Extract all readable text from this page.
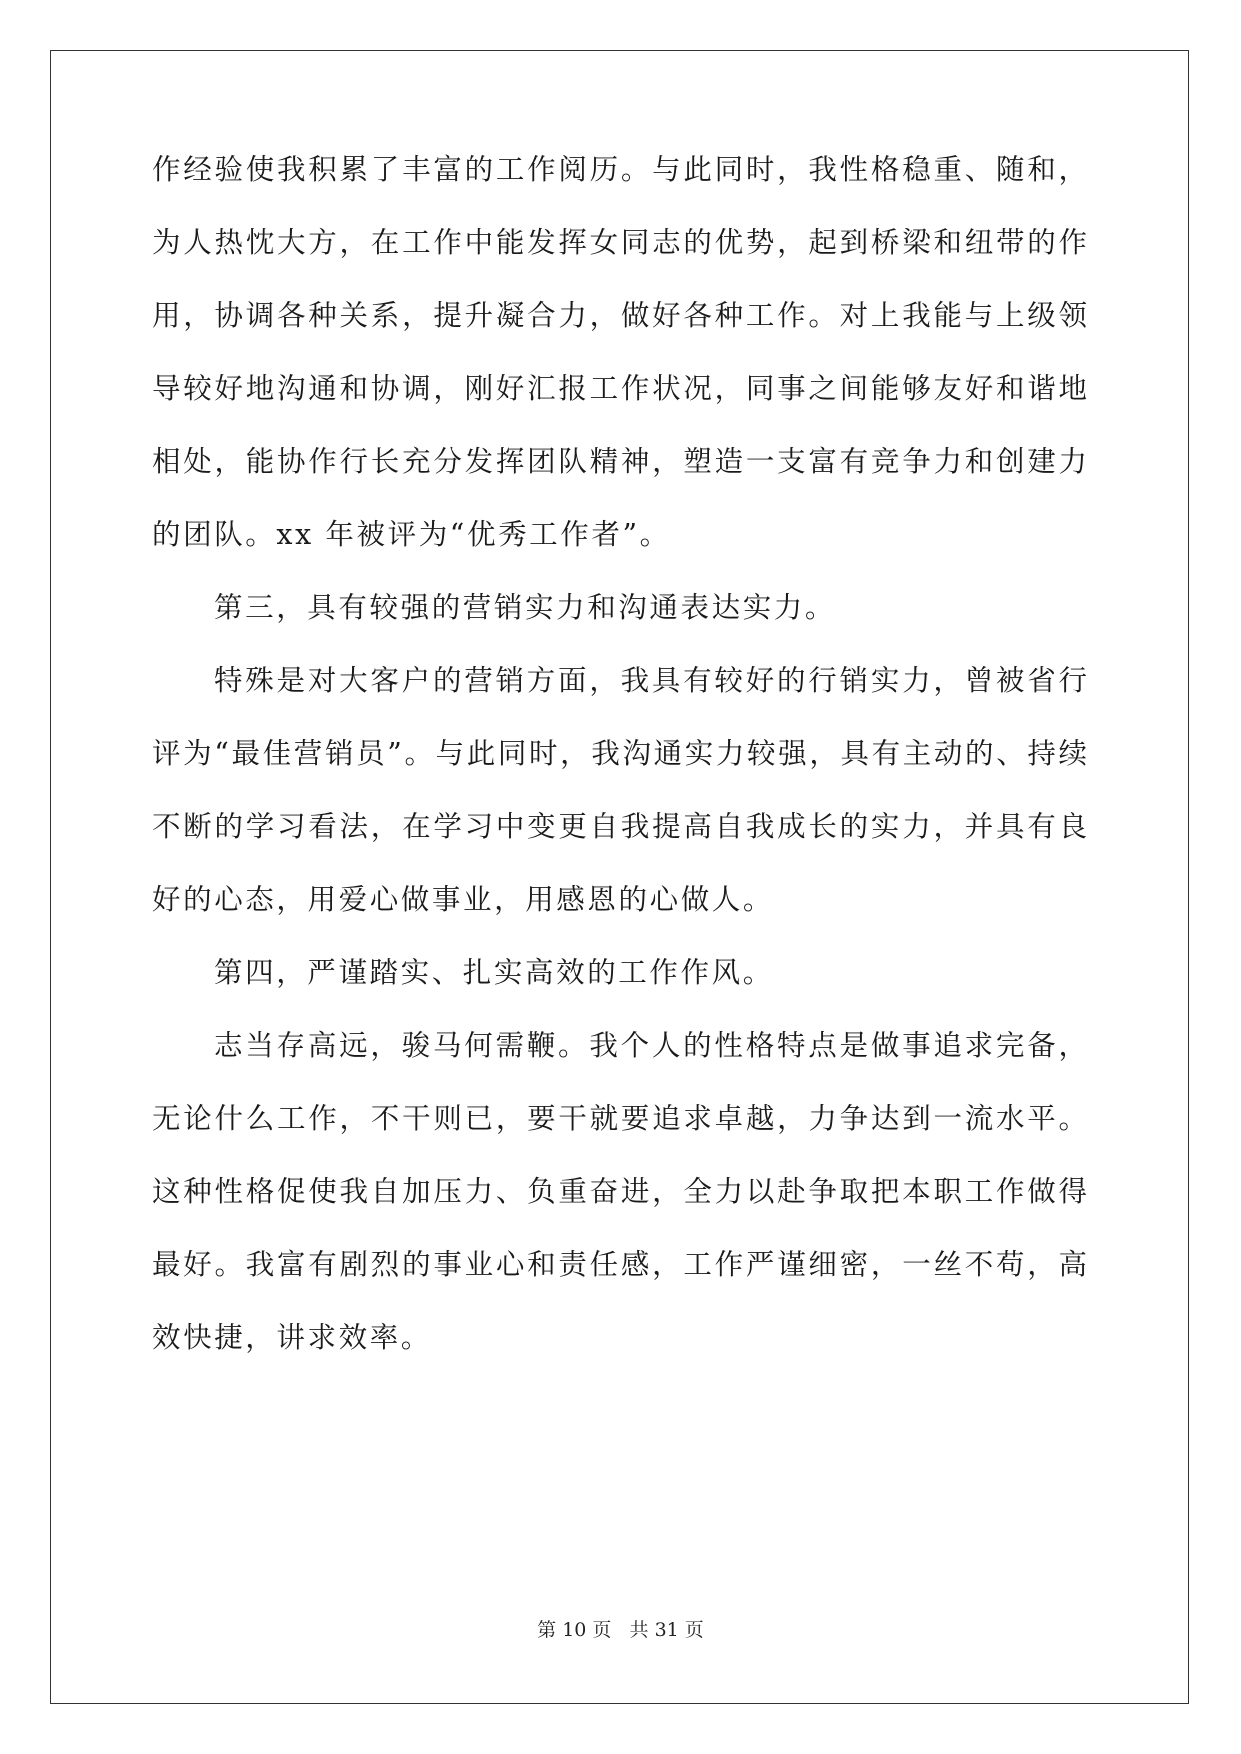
作经验使我积累了丰富的工作阅历。与此同时，我性格稳重、随和，
为人热忱大方，在工作中能发挥女同志的优势，起到桥梁和纽带的作
用，协调各种关系，提升凝合力，做好各种工作。对上我能与上级领
导较好地沟通和协调，刚好汇报工作状况，同事之间能够友好和谐地
相处，能协作行长充分发挥团队精神，塑造一支富有竞争力和创建力
的团队。xx 年被评为“优秀工作者”。
第三，具有较强的营销实力和沟通表达实力。
特殊是对大客户的营销方面，我具有较好的行销实力，曾被省行
评为“最佳营销员”。与此同时，我沟通实力较强，具有主动的、持续
不断的学习看法，在学习中变更自我提高自我成长的实力，并具有良
好的心态，用爱心做事业，用感恩的心做人。
第四，严谨踏实、扎实高效的工作作风。
志当存高远，骏马何需鞭。我个人的性格特点是做事追求完备，
无论什么工作，不干则已，要干就要追求卓越，力争达到一流水平。
这种性格促使我自加压力、负重奋进，全力以赴争取把本职工作做得
最好。我富有剧烈的事业心和责任感，工作严谨细密，一丝不苟，高
效快捷，讲求效率。
第 10 页   共 31 页
